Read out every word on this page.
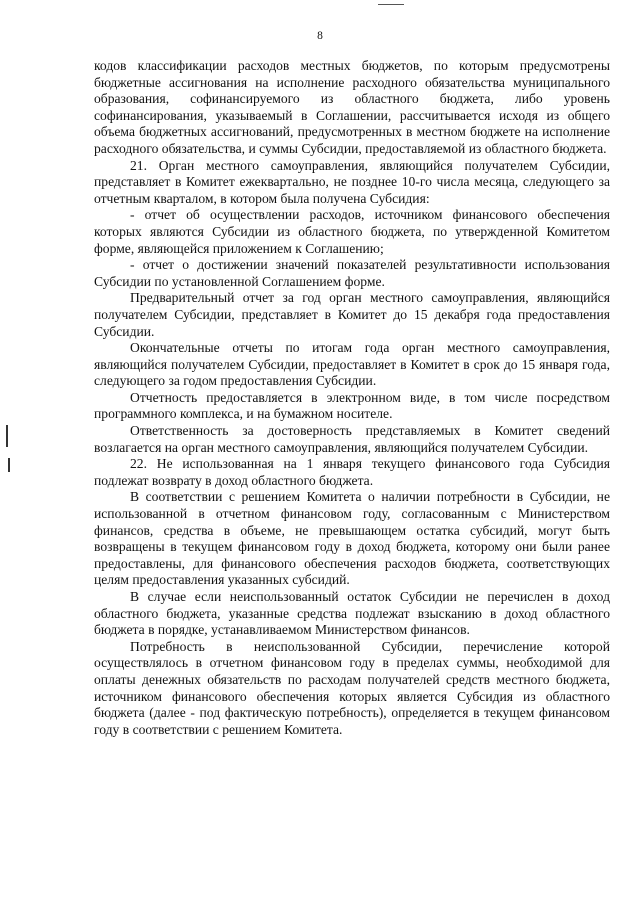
8

кодов классификации расходов местных бюджетов, по которым предусмотрены бюджетные ассигнования на исполнение расходного обязательства муниципального образования, софинансируемого из областного бюджета, либо уровень софинансирования, указываемый в Соглашении, рассчитывается исходя из общего объема бюджетных ассигнований, предусмотренных в местном бюджете на исполнение расходного обязательства, и суммы Субсидии, предоставляемой из областного бюджета.

21. Орган местного самоуправления, являющийся получателем Субсидии, представляет в Комитет ежеквартально, не позднее 10-го числа месяца, следующего за отчетным кварталом, в котором была получена Субсидия:

- отчет об осуществлении расходов, источником финансового обеспечения которых являются Субсидии из областного бюджета, по утвержденной Комитетом форме, являющейся приложением к Соглашению;

- отчет о достижении значений показателей результативности использования Субсидии по установленной Соглашением форме.

Предварительный отчет за год орган местного самоуправления, являющийся получателем Субсидии, представляет в Комитет до 15 декабря года предоставления Субсидии.

Окончательные отчеты по итогам года орган местного самоуправления, являющийся получателем Субсидии, предоставляет в Комитет в срок до 15 января года, следующего за годом предоставления Субсидии.

Отчетность предоставляется в электронном виде, в том числе посредством программного комплекса, и на бумажном носителе.

Ответственность за достоверность представляемых в Комитет сведений возлагается на орган местного самоуправления, являющийся получателем Субсидии.

22. Не использованная на 1 января текущего финансового года Субсидия подлежат возврату в доход областного бюджета.

В соответствии с решением Комитета о наличии потребности в Субсидии, не использованной в отчетном финансовом году, согласованным с Министерством финансов, средства в объеме, не превышающем остатка субсидий, могут быть возвращены в текущем финансовом году в доход бюджета, которому они были ранее предоставлены, для финансового обеспечения расходов бюджета, соответствующих целям предоставления указанных субсидий.

В случае если неиспользованный остаток Субсидии не перечислен в доход областного бюджета, указанные средства подлежат взысканию в доход областного бюджета в порядке, устанавливаемом Министерством финансов.

Потребность в неиспользованной Субсидии, перечисление которой осуществлялось в отчетном финансовом году в пределах суммы, необходимой для оплаты денежных обязательств по расходам получателей средств местного бюджета, источником финансового обеспечения которых является Субсидия из областного бюджета (далее - под фактическую потребность), определяется в текущем финансовом году в соответствии с решением Комитета.
